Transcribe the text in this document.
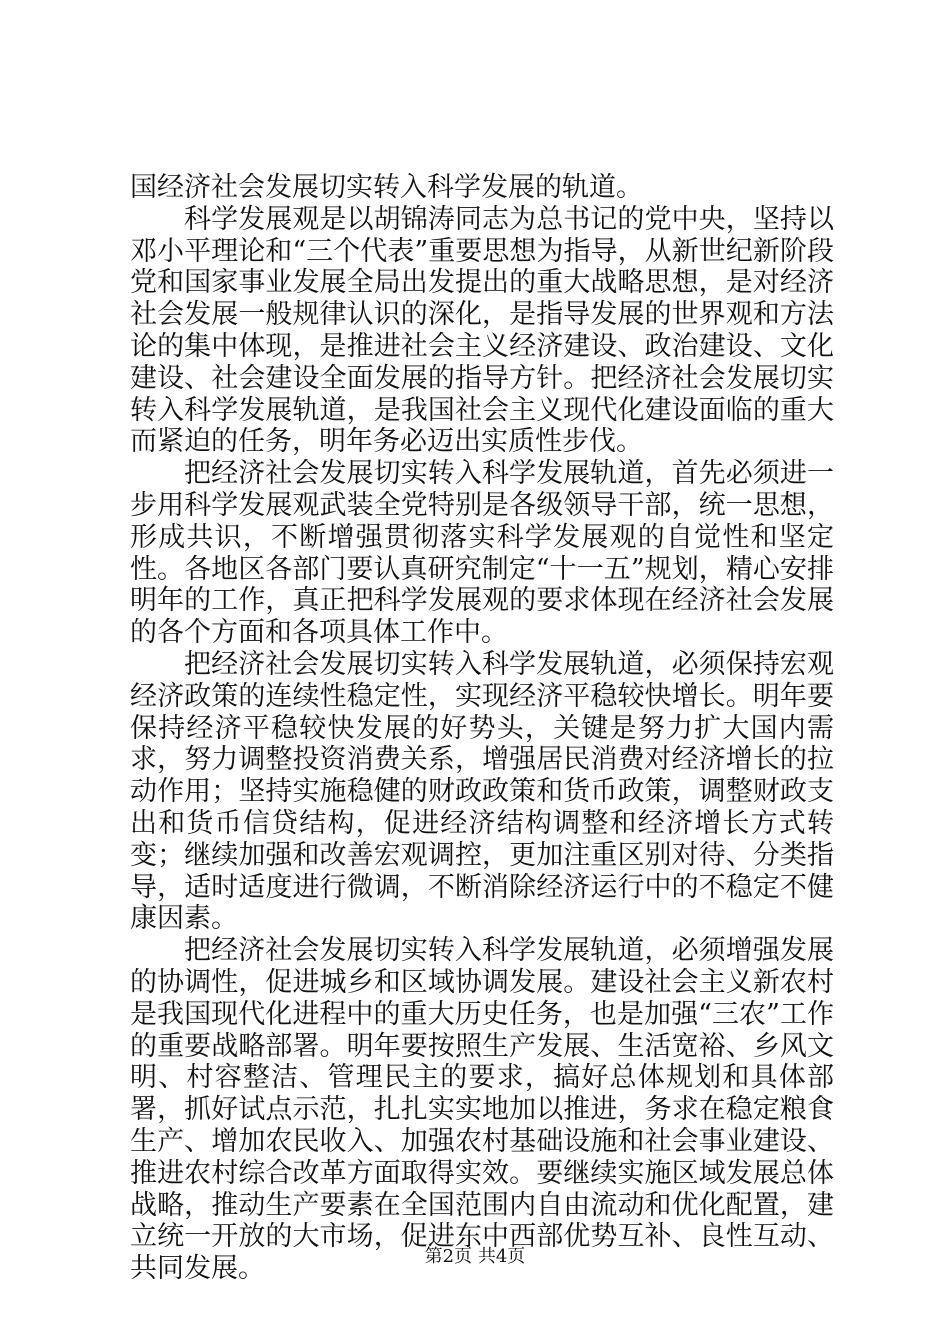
国经济社会发展切实转入科学发展的轨道。

科学发展观是以胡锦涛同志为总书记的党中央，坚持以邓小平理论和“三个代表”重要思想为指导，从新世纪新阶段党和国家事业发展全局出发提出的重大战略思想，是对经济社会发展一般规律认识的深化，是指导发展的世界观和方法论的集中体现，是推进社会主义经济建设、政治建设、文化建设、社会建设全面发展的指导方针。把经济社会发展切实转入科学发展轨道，是我国社会主义现代化建设面临的重大而紧迫的任务，明年务必迈出实质性步伐。

把经济社会发展切实转入科学发展轨道，首先必须进一步用科学发展观武装全党特别是各级领导干部，统一思想，形成共识，不断增强贯彻落实科学发展观的自觉性和坚定性。各地区各部门要认真研究制定“十一五”规划，精心安排明年的工作，真正把科学发展观的要求体现在经济社会发展的各个方面和各项具体工作中。

把经济社会发展切实转入科学发展轨道，必须保持宏观经济政策的连续性稳定性，实现经济平稳较快增长。明年要保持经济平稳较快发展的好势头，关键是努力扩大国内需求，努力调整投资消费关系，增强居民消费对经济增长的拉动作用；坚持实施稳健的财政政策和货币政策，调整财政支出和货币信贷结构，促进经济结构调整和经济增长方式转变；继续加强和改善宏观调控，更加注重区别对待、分类指导，适时适度进行微调，不断消除经济运行中的不稳定不健康因素。

把经济社会发展切实转入科学发展轨道，必须增强发展的协调性，促进城乡和区域协调发展。建设社会主义新农村是我国现代化进程中的重大历史任务，也是加强“三农”工作的重要战略部署。明年要按照生产发展、生活宽裕、乡风文明、村容整洁、管理民主的要求，搞好总体规划和具体部署，抓好试点示范，扎扎实实地加以推进，务求在稳定粮食生产、增加农民收入、加强农村基础设施和社会事业建设、推进农村综合改革方面取得实效。要继续实施区域发展总体战略，推动生产要素在全国范围内自由流动和优化配置，建立统一开放的大市场，促进东中西部优势互补、良性互动、共同发展。	第2页 共4页
